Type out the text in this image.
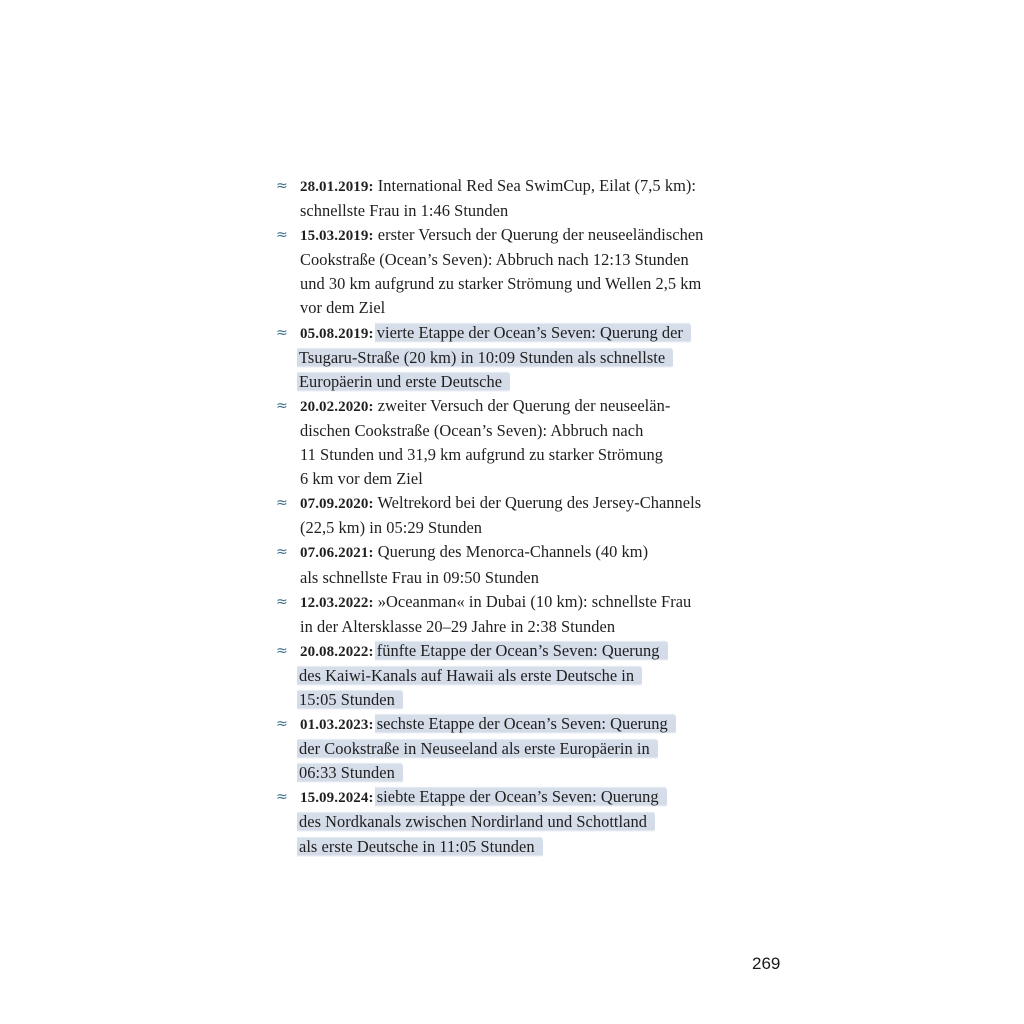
≈ 28.01.2019: International Red Sea SwimCup, Eilat (7,5 km):
schnellste Frau in 1:46 Stunden
≈ 15.03.2019: erster Versuch der Querung der neuseeländischen
Cookstraße (Ocean’s Seven): Abbruch nach 12:13 Stunden
und 30 km aufgrund zu starker Strömung und Wellen 2,5 km
vor dem Ziel
≈ 05.08.2019: vierte Etappe der Ocean’s Seven: Querung der
Tsugaru-Straße (20 km) in 10:09 Stunden als schnellste
Europäerin und erste Deutsche
≈ 20.02.2020: zweiter Versuch der Querung der neuseelän-
dischen Cookstraße (Ocean’s Seven): Abbruch nach
11 Stunden und 31,9 km aufgrund zu starker Strömung
6 km vor dem Ziel
≈ 07.09.2020: Weltrekord bei der Querung des Jersey-Channels
(22,5 km) in 05:29 Stunden
≈ 07.06.2021: Querung des Menorca-Channels (40 km)
als schnellste Frau in 09:50 Stunden
≈ 12.03.2022: »Oceanman« in Dubai (10 km): schnellste Frau
in der Altersklasse 20–29 Jahre in 2:38 Stunden
≈ 20.08.2022: fünfte Etappe der Ocean’s Seven: Querung
des Kaiwi-Kanals auf Hawaii als erste Deutsche in
15:05 Stunden
≈ 01.03.2023: sechste Etappe der Ocean’s Seven: Querung
der Cookstraße in Neuseeland als erste Europäerin in
06:33 Stunden
≈ 15.09.2024: siebte Etappe der Ocean’s Seven: Querung
des Nordkanals zwischen Nordirland und Schottland
als erste Deutsche in 11:05 Stunden
269
